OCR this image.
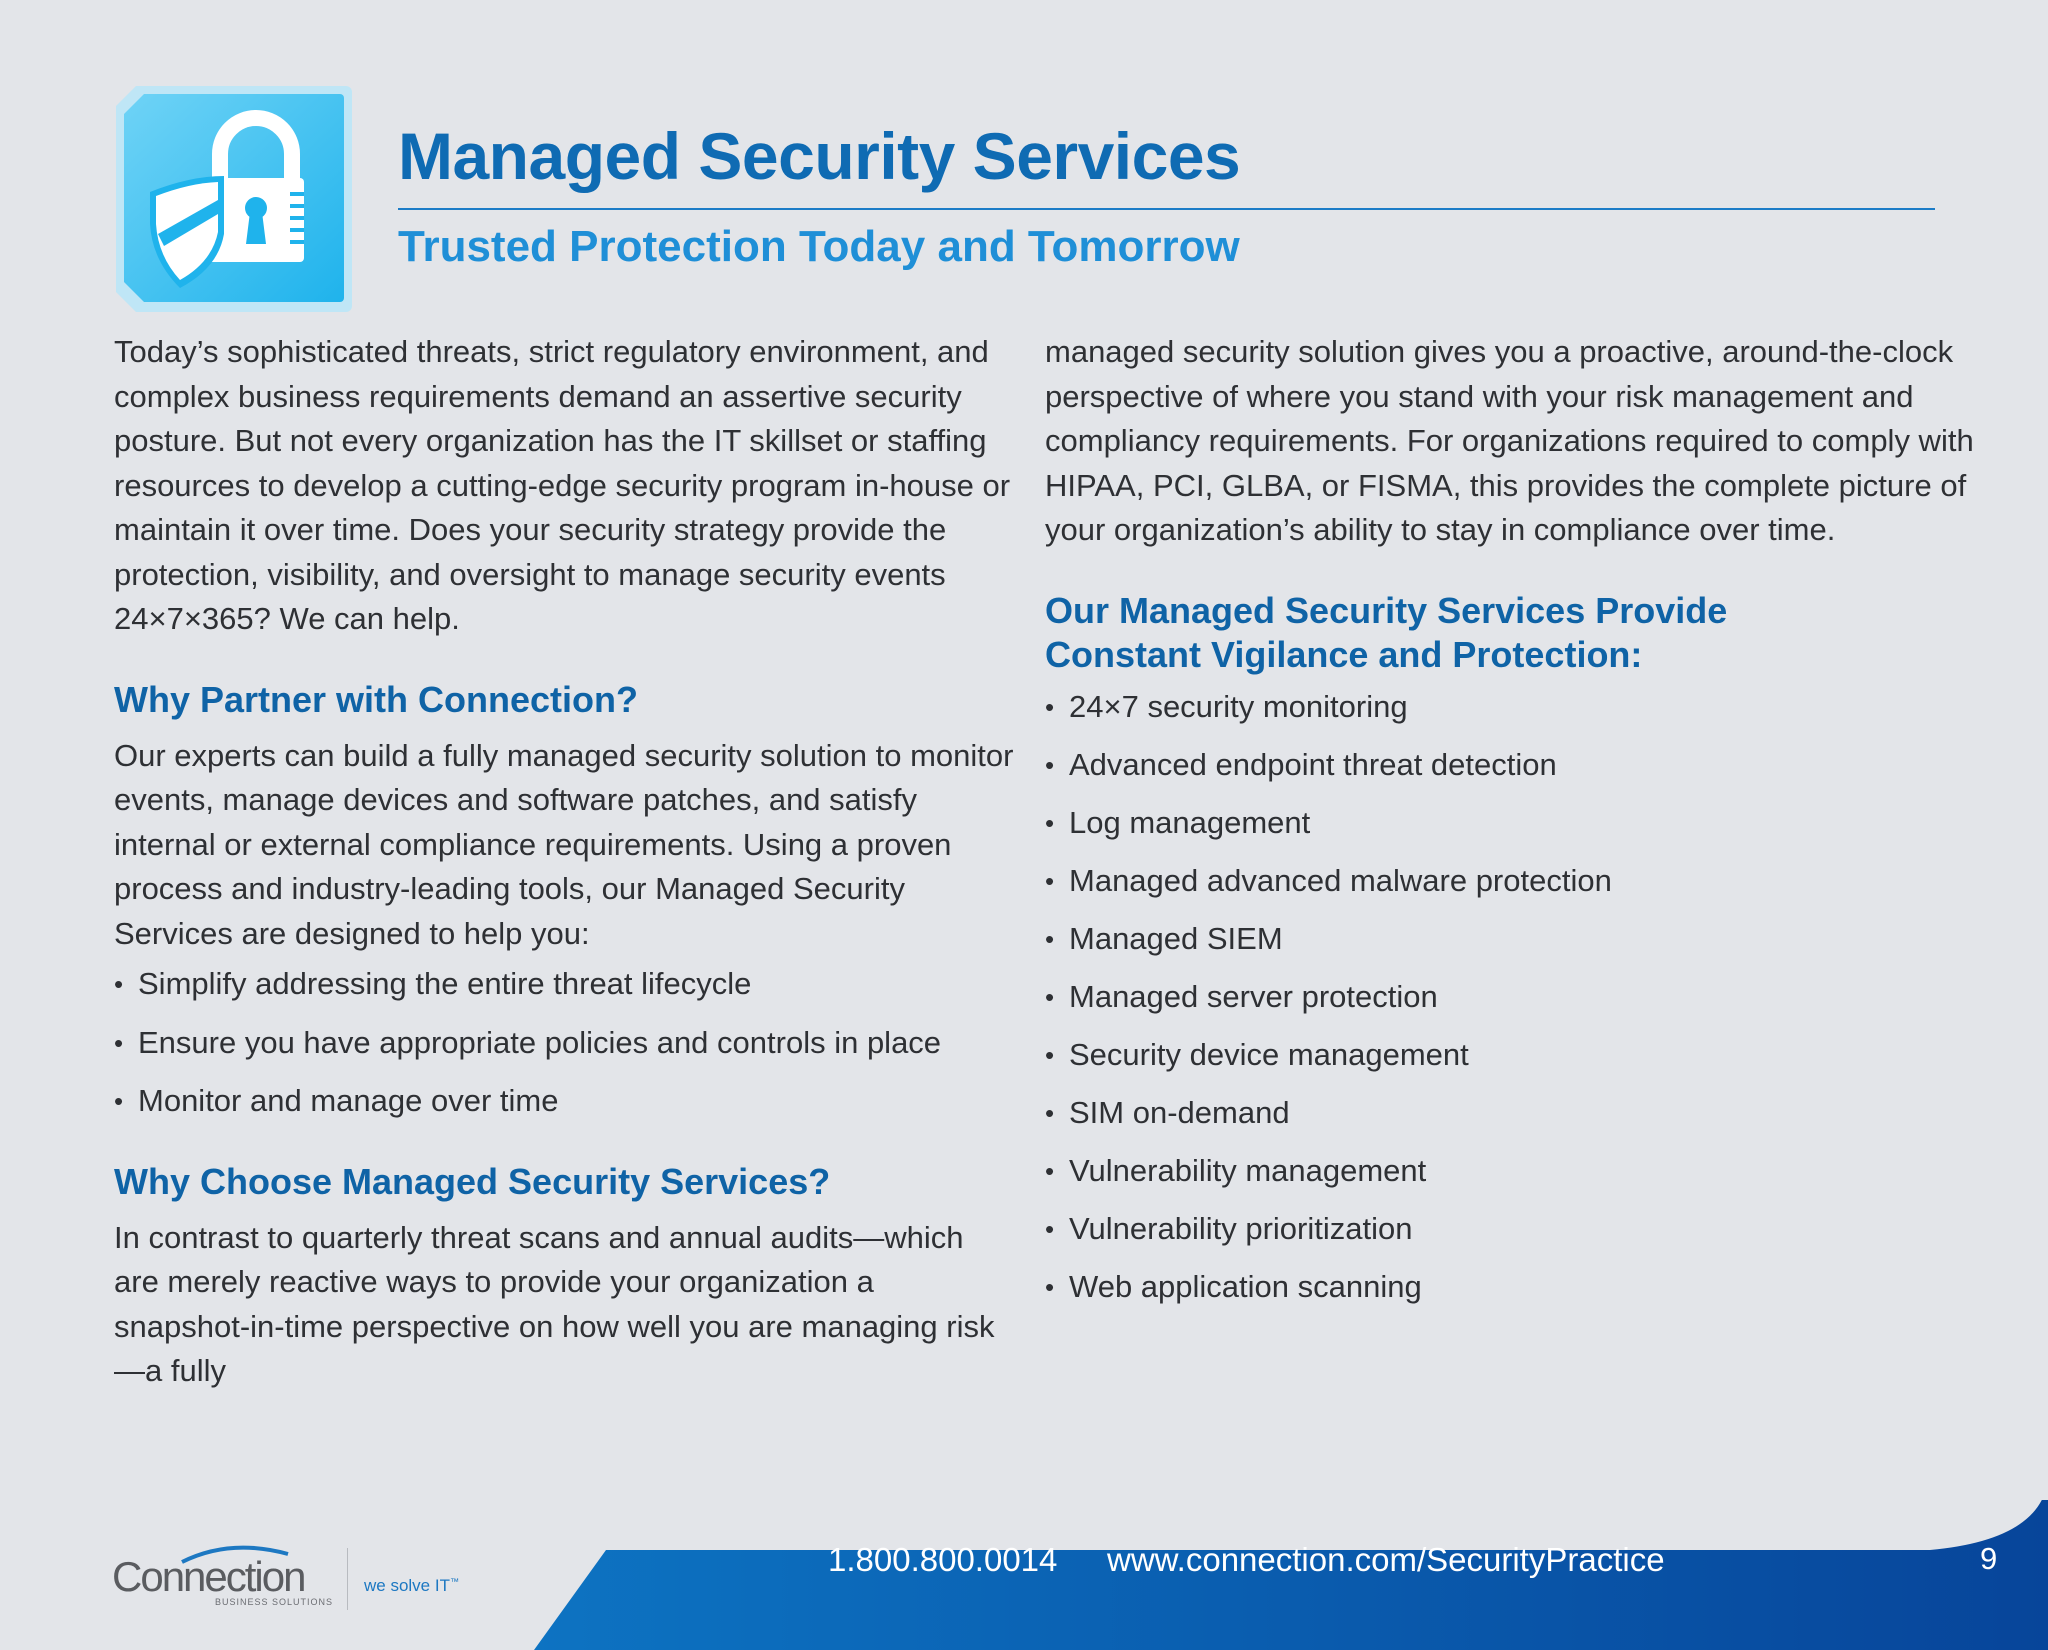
Managed Security Services
Trusted Protection Today and Tomorrow

Today’s sophisticated threats, strict regulatory environment, and complex business requirements demand an assertive security posture. But not every organization has the IT skillset or staffing resources to develop a cutting-edge security program in-house or maintain it over time. Does your security strategy provide the protection, visibility, and oversight to manage security events 24×7×365? We can help.

Why Partner with Connection?

Our experts can build a fully managed security solution to monitor events, manage devices and software patches, and satisfy internal or external compliance requirements. Using a proven process and industry-leading tools, our Managed Security Services are designed to help you:

• Simplify addressing the entire threat lifecycle
• Ensure you have appropriate policies and controls in place
• Monitor and manage over time
Why Choose Managed Security Services?

In contrast to quarterly threat scans and annual audits—which are merely reactive ways to provide your organization a snapshot-in-time perspective on how well you are managing risk—a fully

managed security solution gives you a proactive, around-the-clock perspective of where you stand with your risk management and compliancy requirements. For organizations required to comply with HIPAA, PCI, GLBA, or FISMA, this provides the complete picture of your organization’s ability to stay in compliance over time.

Our Managed Security Services Provide Constant Vigilance and Protection:
• 24×7 security monitoring
• Advanced endpoint threat detection
• Log management
• Managed advanced malware protection
• Managed SIEM
• Managed server protection
• Security device management
• SIM on-demand
• Vulnerability management
• Vulnerability prioritization
• Web application scanning
Connection
BUSINESS SOLUTIONS
we solve IT™
1.800.800.0014 www.connection.com/SecurityPractice	9
